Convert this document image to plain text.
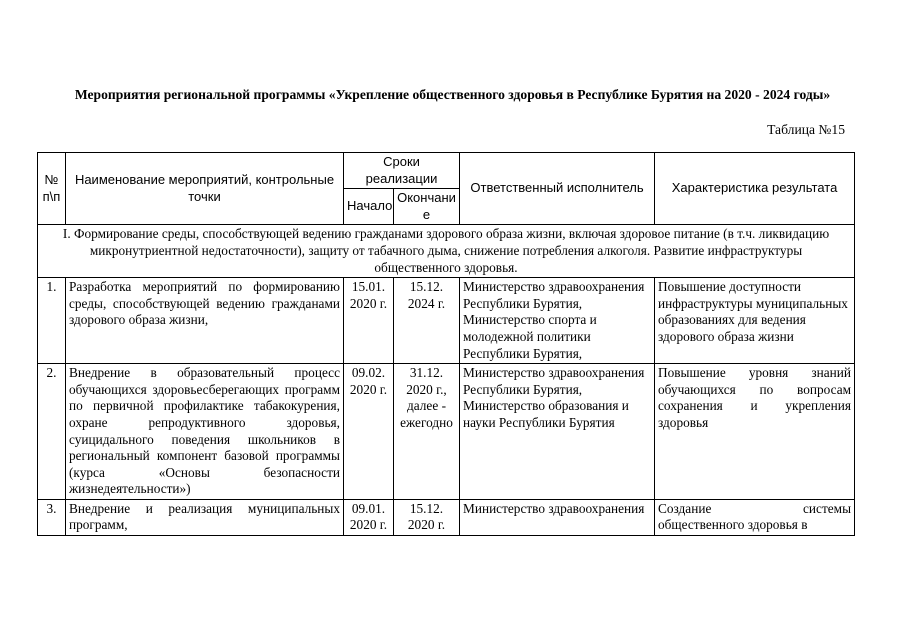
Мероприятия региональной программы «Укрепление общественного здоровья в Республике Бурятия на 2020 - 2024 годы»
Таблица №15
№ п\п	Наименование мероприятий, контрольные точки	Сроки реализации		Ответственный исполнитель	Характеристика результата
		Начало	Окончание		
I. Формирование среды, способствующей ведению гражданами здорового образа жизни, включая здоровое питание (в т.ч. ликвидацию микронутриентной недостаточности), защиту от табачного дыма, снижение потребления алкоголя. Развитие инфраструктуры общественного здоровья.					
1.	Разработка мероприятий по формированию среды, способствующей ведению гражданами здорового образа жизни,	15.01. 2020 г.	15.12. 2024 г.	Министерство здравоохранения Республики Бурятия, Министерство спорта и молодежной политики Республики Бурятия,	Повышение доступности инфраструктуры муниципальных образованиях для ведения здорового образа жизни
2.	Внедрение в образовательный процесс обучающихся здоровьесберегающих программ по первичной профилактике табакокурения, охране репродуктивного здоровья, суицидального поведения школьников в региональный компонент базовой программы (курса «Основы безопасности жизнедеятельности»)	09.02. 2020 г.	31.12. 2020 г., далее - ежегодно	Министерство здравоохранения Республики Бурятия, Министерство образования и науки Республики Бурятия	Повышение уровня знаний обучающихся по вопросам сохранения и укрепления здоровья
3.	Внедрение и реализация муниципальных программ,	09.01. 2020 г.	15.12. 2020 г.	Министерство здравоохранения	Создание системы общественного здоровья в
